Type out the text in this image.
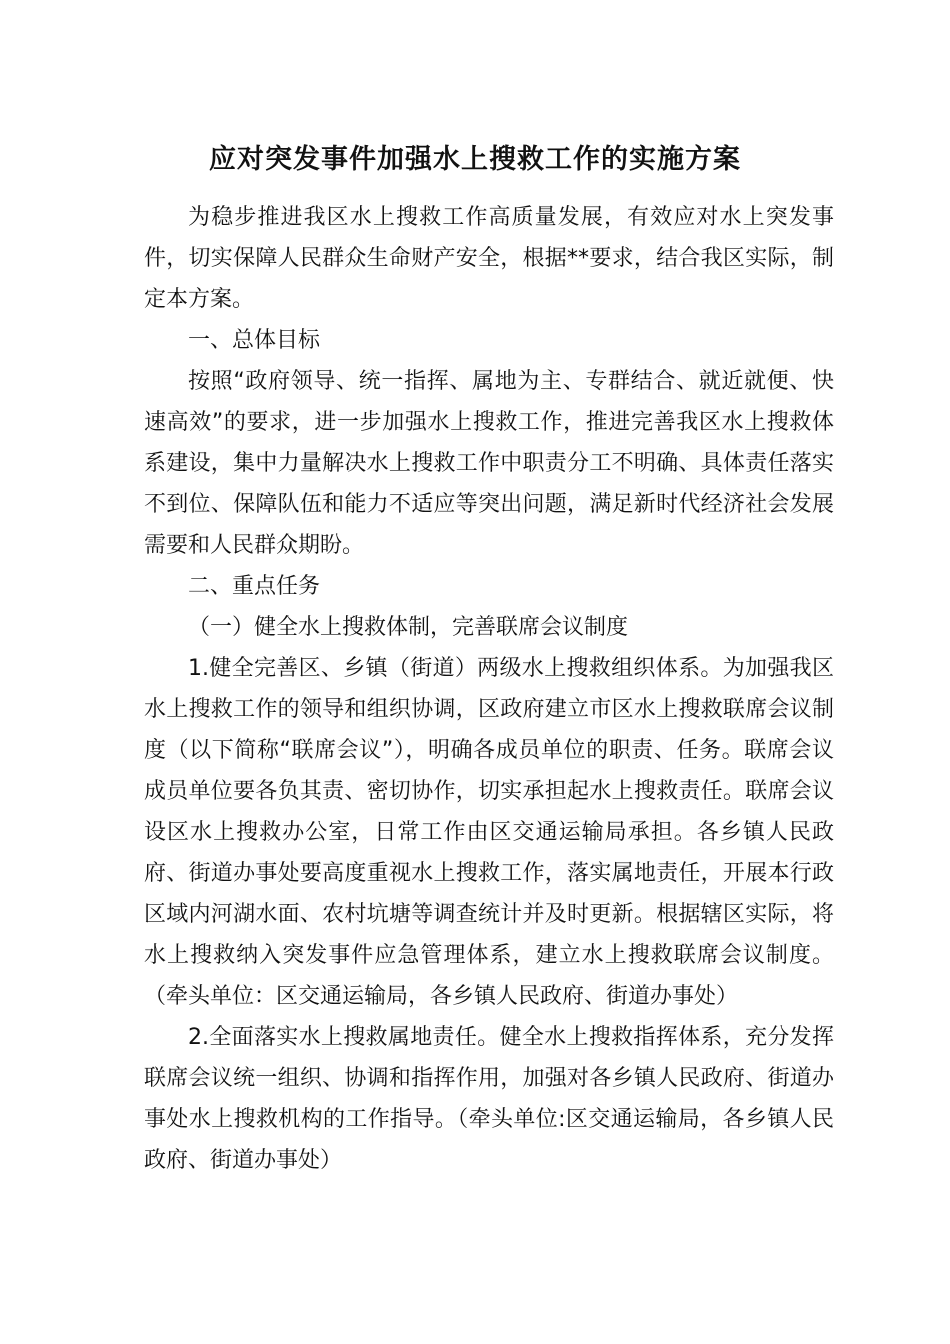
应对突发事件加强水上搜救工作的实施方案

为稳步推进我区水上搜救工作高质量发展，有效应对水上突发事件，切实保障人民群众生命财产安全，根据**要求，结合我区实际，制定本方案。

一、总体目标

按照“政府领导、统一指挥、属地为主、专群结合、就近就便、快速高效”的要求，进一步加强水上搜救工作，推进完善我区水上搜救体系建设，集中力量解决水上搜救工作中职责分工不明确、具体责任落实不到位、保障队伍和能力不适应等突出问题，满足新时代经济社会发展需要和人民群众期盼。

二、重点任务

（一）健全水上搜救体制，完善联席会议制度

1.健全完善区、乡镇（街道）两级水上搜救组织体系。为加强我区水上搜救工作的领导和组织协调，区政府建立市区水上搜救联席会议制度（以下简称“联席会议”），明确各成员单位的职责、任务。联席会议成员单位要各负其责、密切协作，切实承担起水上搜救责任。联席会议设区水上搜救办公室，日常工作由区交通运输局承担。各乡镇人民政府、街道办事处要高度重视水上搜救工作，落实属地责任，开展本行政区域内河湖水面、农村坑塘等调查统计并及时更新。根据辖区实际，将水上搜救纳入突发事件应急管理体系，建立水上搜救联席会议制度。（牵头单位：区交通运输局，各乡镇人民政府、街道办事处）

2.全面落实水上搜救属地责任。健全水上搜救指挥体系，充分发挥联席会议统一组织、协调和指挥作用，加强对各乡镇人民政府、街道办事处水上搜救机构的工作指导。（牵头单位:区交通运输局，各乡镇人民政府、街道办事处）
